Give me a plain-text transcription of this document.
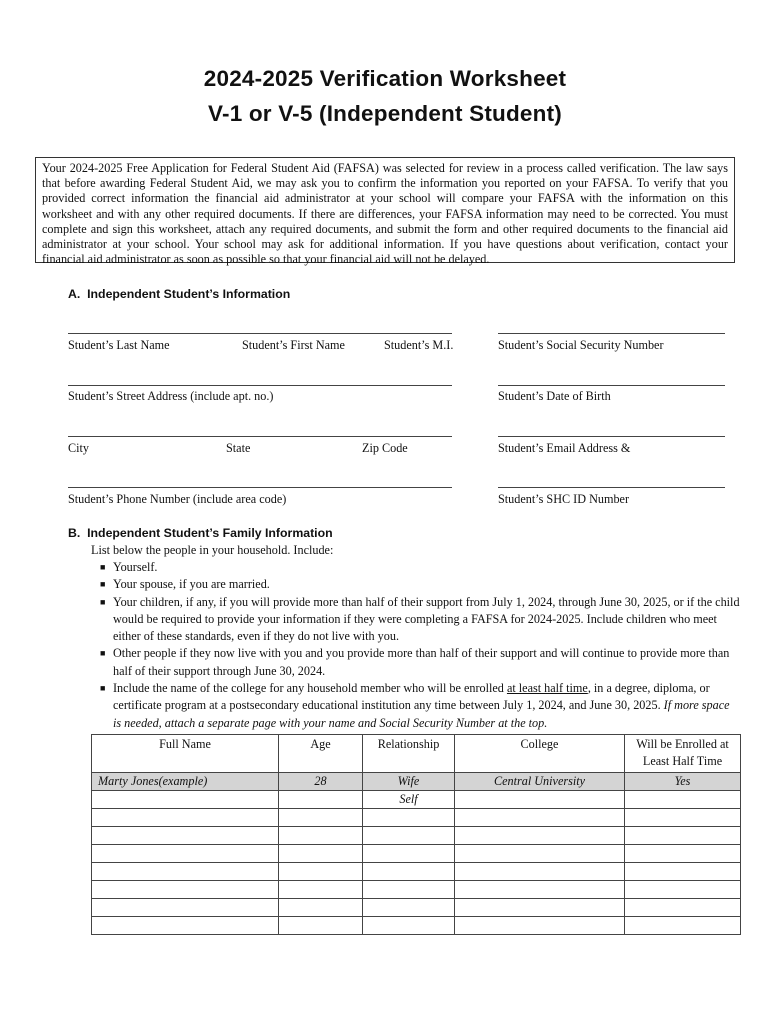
2024-2025 Verification Worksheet
V-1 or V-5 (Independent Student)
Your 2024-2025 Free Application for Federal Student Aid (FAFSA) was selected for review in a process called verification. The law says that before awarding Federal Student Aid, we may ask you to confirm the information you reported on your FAFSA. To verify that you provided correct information the financial aid administrator at your school will compare your FAFSA with the information on this worksheet and with any other required documents. If there are differences, your FAFSA information may need to be corrected. You must complete and sign this worksheet, attach any required documents, and submit the form and other required documents to the financial aid administrator at your school. Your school may ask for additional information. If you have questions about verification, contact your financial aid administrator as soon as possible so that your financial aid will not be delayed.
A.  Independent Student’s Information
Student’s Last Name	Student’s First Name	Student’s M.I.	Student’s Social Security Number
Student’s Street Address (include apt. no.)	Student’s Date of Birth
City	State	Zip Code	Student’s Email Address &
Student’s Phone Number (include area code)	Student’s SHC ID Number
B.  Independent Student’s Family Information
List below the people in your household. Include:
■ Yourself.
■ Your spouse, if you are married.
■ Your children, if any, if you will provide more than half of their support from July 1, 2024, through June 30, 2025, or if the child would be required to provide your information if they were completing a FAFSA for 2024-2025. Include children who meet either of these standards, even if they do not live with you.
■ Other people if they now live with you and you provide more than half of their support and will continue to provide more than half of their support through June 30, 2024.
■ Include the name of the college for any household member who will be enrolled at least half time, in a degree, diploma, or certificate program at a postsecondary educational institution any time between July 1, 2024, and June 30, 2025. If more space is needed, attach a separate page with your name and Social Security Number at the top.
Full Name	Age	Relationship	College	Will be Enrolled at Least Half Time
Marty Jones(example)	28	Wife	Central University	Yes
		Self		
